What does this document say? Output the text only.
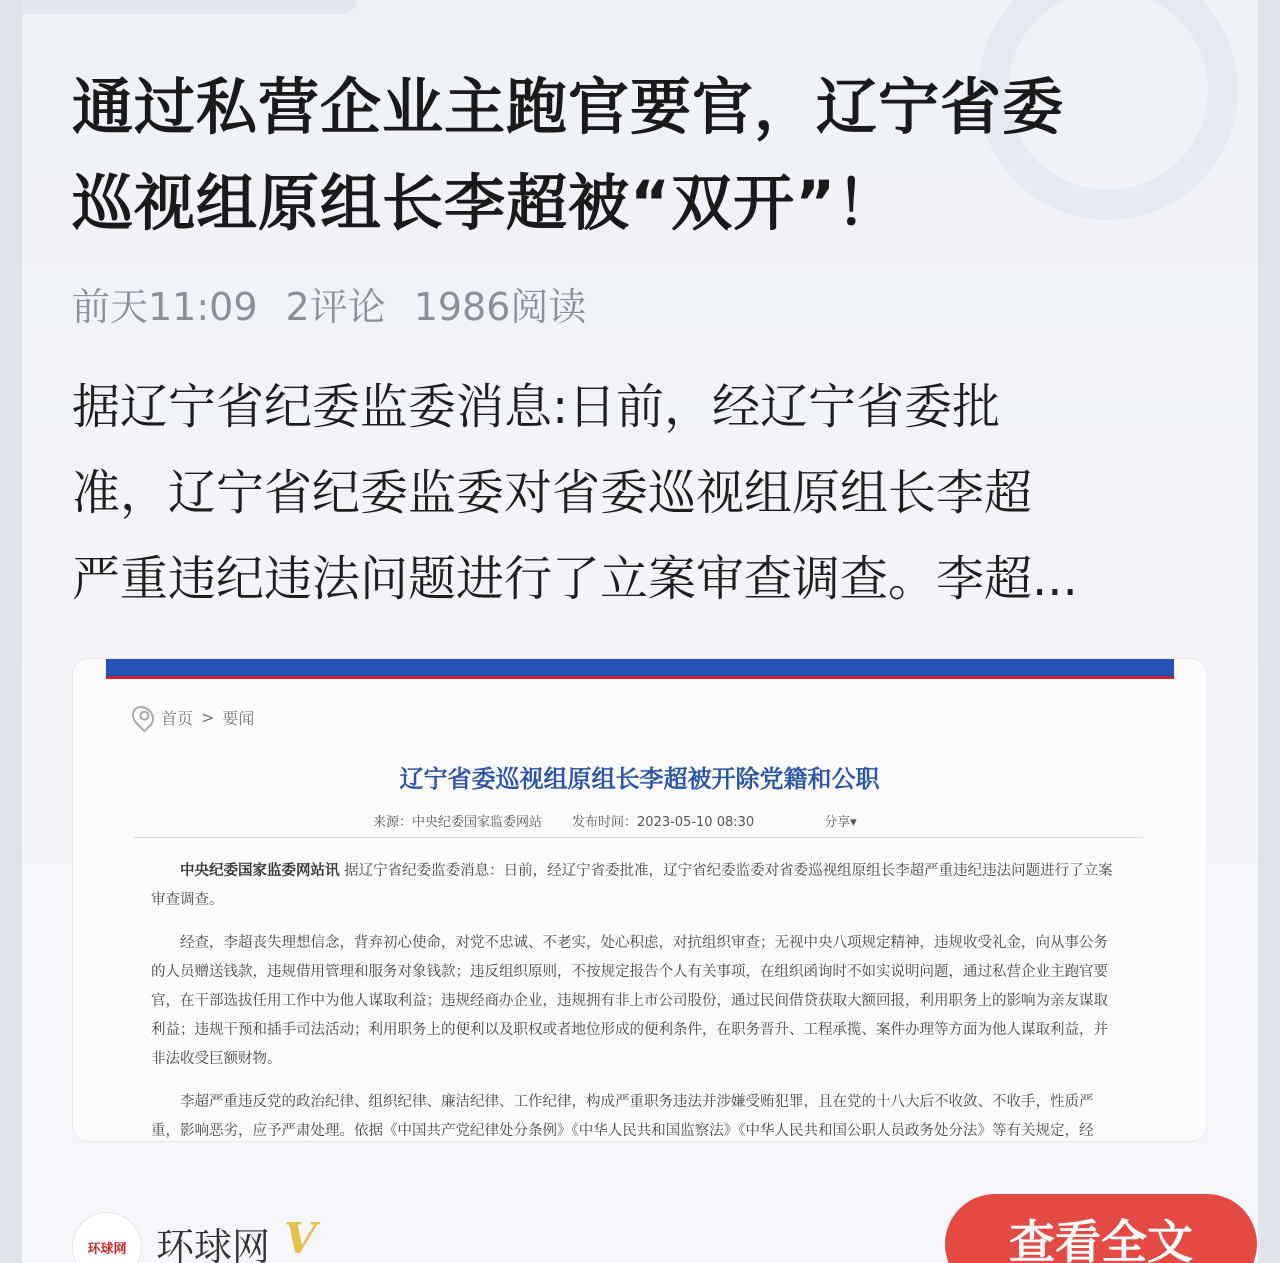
通过私营企业主跑官要官，辽宁省委
巡视组原组长李超被“双开”！
前天11:09 2评论 1986阅读
据辽宁省纪委监委消息:日前，经辽宁省委批
准，辽宁省纪委监委对省委巡视组原组长李超
严重违纪违法问题进行了立案审查调查。李超...
首页 > 要闻
辽宁省委巡视组原组长李超被开除党籍和公职
来源：中央纪委国家监委网站 发布时间：2023-05-10 08:30	分享▾

中央纪委国家监委网站讯 据辽宁省纪委监委消息：日前，经辽宁省委批准，辽宁省纪委监委对省委巡视组原组长李超严重违纪违法问题进行了立案审查调查。

经查，李超丧失理想信念，背弃初心使命，对党不忠诚、不老实，处心积虑，对抗组织审查；无视中央八项规定精神，违规收受礼金，向从事公务的人员赠送钱款，违规借用管理和服务对象钱款；违反组织原则，不按规定报告个人有关事项，在组织函询时不如实说明问题，通过私营企业主跑官要官，在干部选拔任用工作中为他人谋取利益；违规经商办企业，违规拥有非上市公司股份，通过民间借贷获取大额回报，利用职务上的影响为亲友谋取利益；违规干预和插手司法活动；利用职务上的便利以及职权或者地位形成的便利条件，在职务晋升、工程承揽、案件办理等方面为他人谋取利益，并非法收受巨额财物。

李超严重违反党的政治纪律、组织纪律、廉洁纪律、工作纪律，构成严重职务违法并涉嫌受贿犯罪，且在党的十八大后不收敛、不收手，性质严重，影响恶劣，应予严肃处理。依据《中国共产党纪律处分条例》《中华人民共和国监察法》《中华人民共和国公职人员政务处分法》等有关规定，经

环球网 环球网 V	查看全文
